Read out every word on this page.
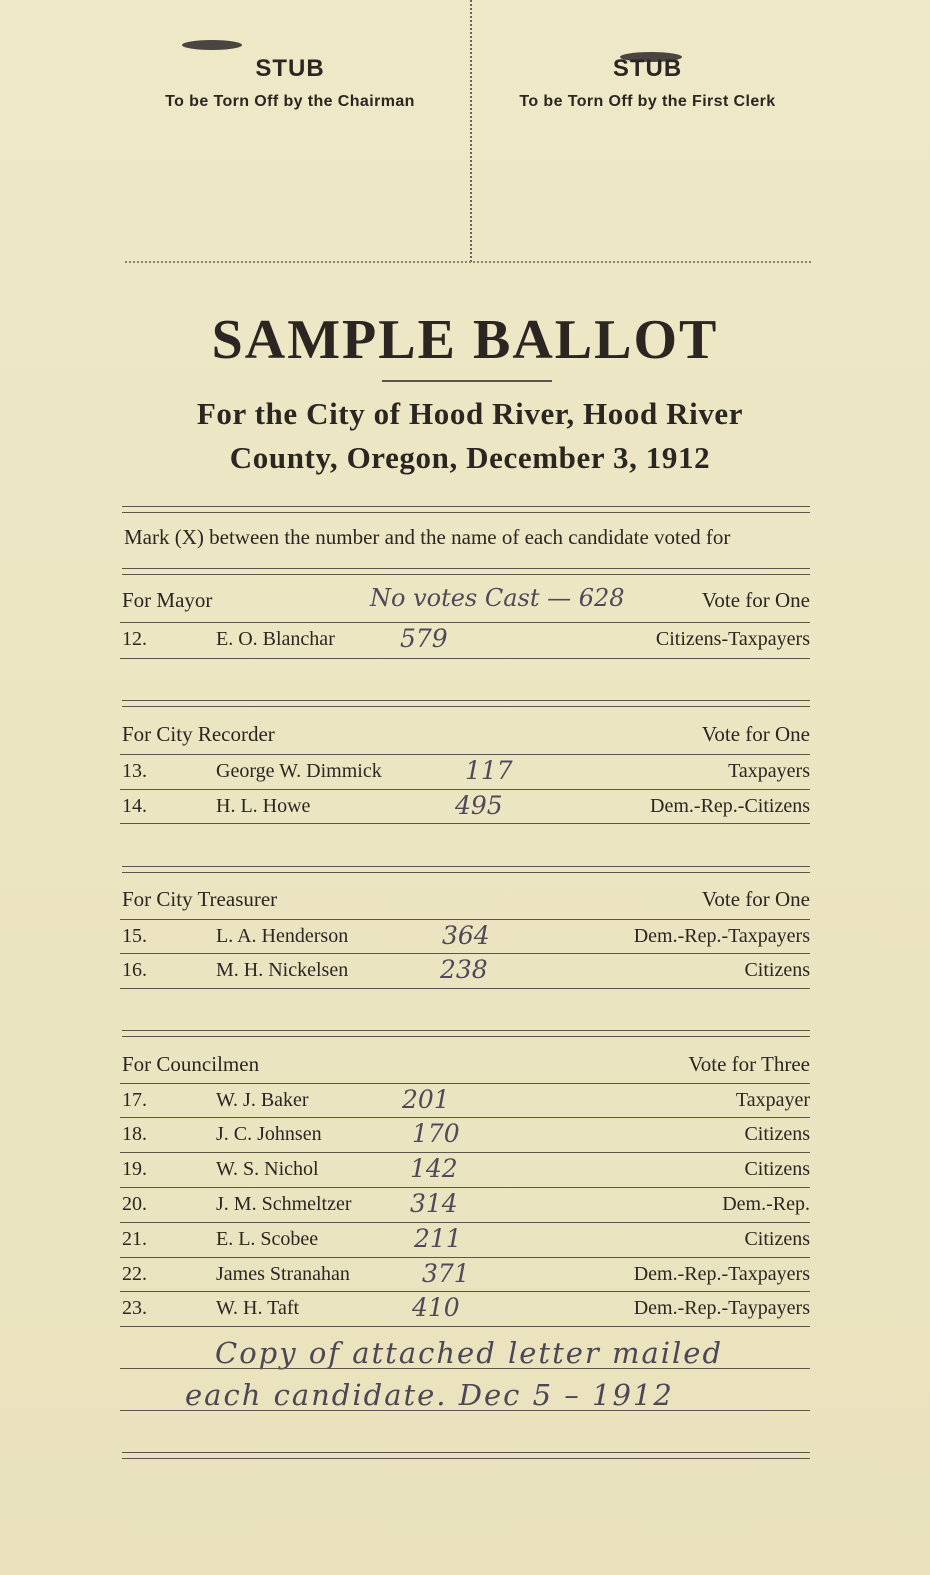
STUB
To be Torn Off by the Chairman
STUB
To be Torn Off by the First Clerk
SAMPLE BALLOT
For the City of Hood River, Hood River
County, Oregon, December 3, 1912
Mark (X) between the number and the name of each candidate voted for
For Mayor	No votes Cast — 628	Vote for One
12.	E. O. Blanchar	579	Citizens-Taxpayers
For City Recorder	Vote for One
13.	George W. Dimmick	117	Taxpayers
14.	H. L. Howe	495	Dem.-Rep.-Citizens
For City Treasurer	Vote for One
15.	L. A. Henderson	364	Dem.-Rep.-Taxpayers
16.	M. H. Nickelsen	238	Citizens
For Councilmen	Vote for Three
17.	W. J. Baker	201	Taxpayer
18.	J. C. Johnsen	170	Citizens
19.	W. S. Nichol	142	Citizens
20.	J. M. Schmeltzer 314	Dem.-Rep.
21.	E. L. Scobee	211	Citizens
22.	James Stranahan	371	Dem.-Rep.-Taxpayers
23.	W. H. Taft	410	Dem.-Rep.-Taypayers
Copy of attached letter mailed
each candidate. Dec 5 – 1912
